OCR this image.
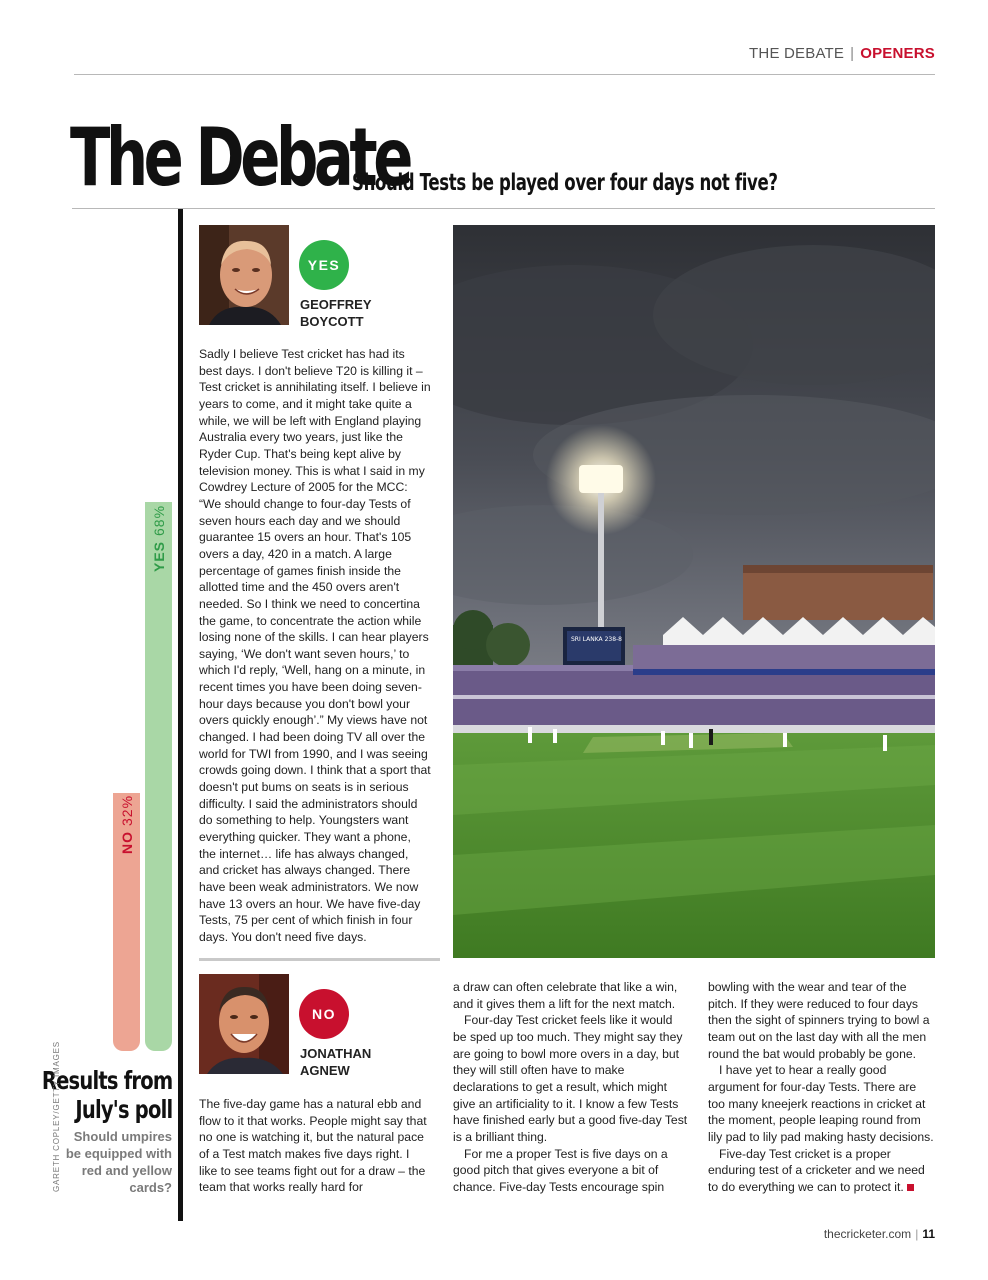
THE DEBATE | OPENERS
The Debate
Should Tests be played over four days not five?
YES68%
NO32%
Results from
July's poll
Should umpires be equipped with red and yellow cards?
GARETH COPLEY/GETTY IMAGES
YES
GEOFFREY
BOYCOTT

Sadly I believe Test cricket has had its best days. I don't believe T20 is killing it – Test cricket is annihilating itself. I believe in years to come, and it might take quite a while, we will be left with England playing Australia every two years, just like the Ryder Cup. That's being kept alive by television money. This is what I said in my Cowdrey Lecture of 2005 for the MCC: “We should change to four-day Tests of seven hours each day and we should guarantee 15 overs an hour. That's 105 overs a day, 420 in a match. A large percentage of games finish inside the allotted time and the 450 overs aren't needed. So I think we need to concertina the game, to concentrate the action while losing none of the skills. I can hear players saying, ‘We don't want seven hours,’ to which I'd reply, ‘Well, hang on a minute, in recent times you have been doing seven-hour days because you don't bowl your overs quickly enough’.” My views have not changed. I had been doing TV all over the world for TWI from 1990, and I was seeing crowds going down. I think that a sport that doesn't put bums on seats is in serious difficulty. I said the administrators should do something to help. Youngsters want everything quicker. They want a phone, the internet… life has always changed, and cricket has always changed. There have been weak administrators. We now have 13 overs an hour. We have five-day Tests, 75 per cent of which finish in four days. You don't need five days.

NO
JONATHAN
AGNEW

The five-day game has a natural ebb and flow to it that works. People might say that no one is watching it, but the natural pace of a Test match makes five days right. I like to see teams fight out for a draw – the team that works really hard for

a draw can often celebrate that like a win, and it gives them a lift for the next match.

Four-day Test cricket feels like it would be sped up too much. They might say they are going to bowl more overs in a day, but they will still often have to make declarations to get a result, which might give an artificiality to it. I know a few Tests have finished early but a good five-day Test is a brilliant thing.

For me a proper Test is five days on a good pitch that gives everyone a bit of chance. Five-day Tests encourage spin

bowling with the wear and tear of the pitch. If they were reduced to four days then the sight of spinners trying to bowl a team out on the last day with all the men round the bat would probably be gone.

I have yet to hear a really good argument for four-day Tests. There are too many kneejerk reactions in cricket at the moment, people leaping round from lily pad to lily pad making hasty decisions.

Five-day Test cricket is a proper enduring test of a cricketer and we need to do everything we can to protect it.

SRI LANKA 238-8
thecricketer.com | 11
